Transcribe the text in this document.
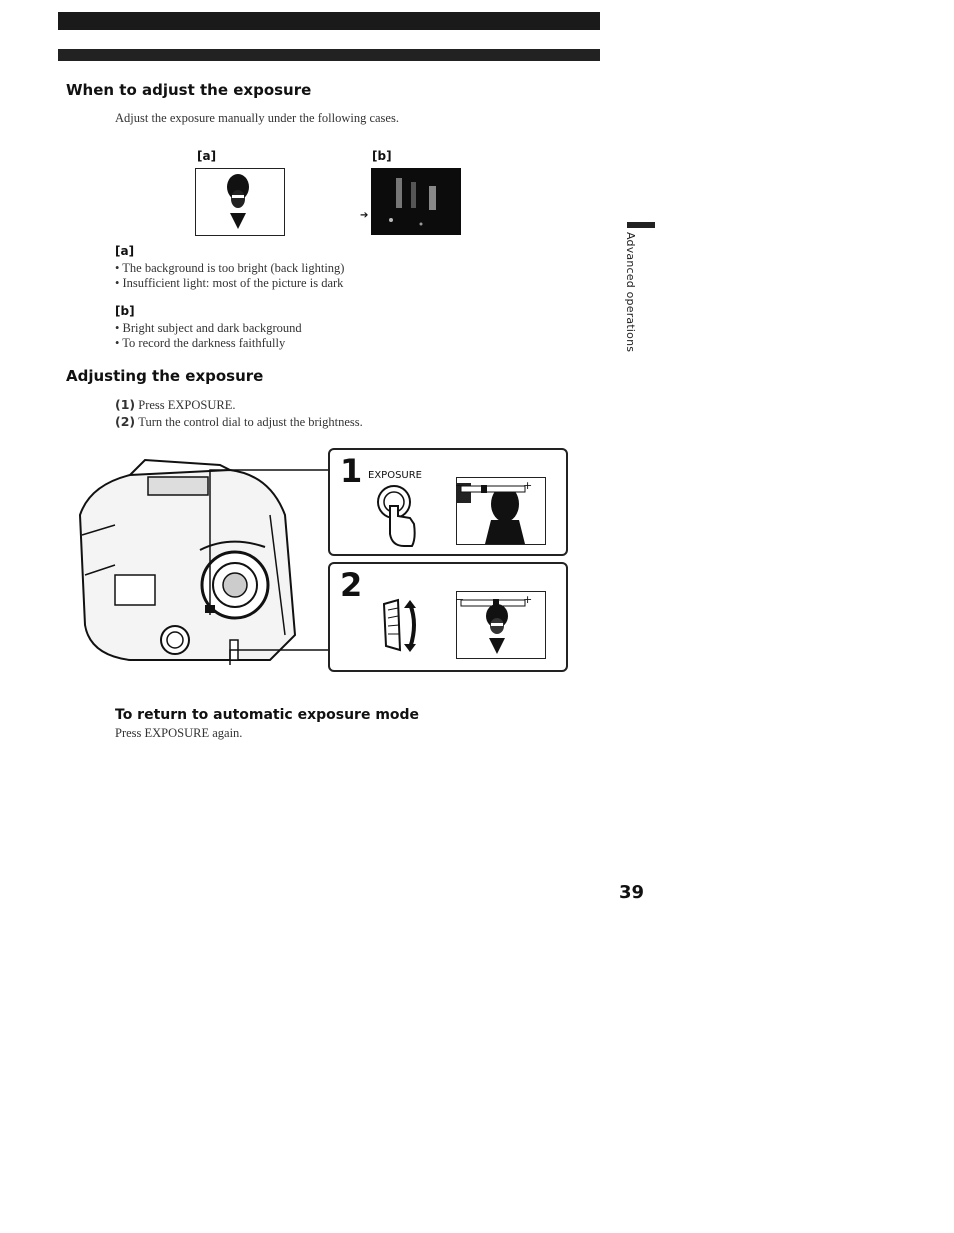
When to adjust the exposure
Adjust the exposure manually under the following cases.
[a]	[b]
➔
[a]
• The background is too bright (back lighting)
• Insufficient light: most of the picture is dark
[b]
• Bright subject and dark background
• To record the darkness faithfully
Adjusting the exposure
(1) Press EXPOSURE.
(2) Turn the control dial to adjust the brightness.
1 EXPOSURE
−	+
2	−	+
To return to automatic exposure mode
Press EXPOSURE again.
Advanced operations
39
